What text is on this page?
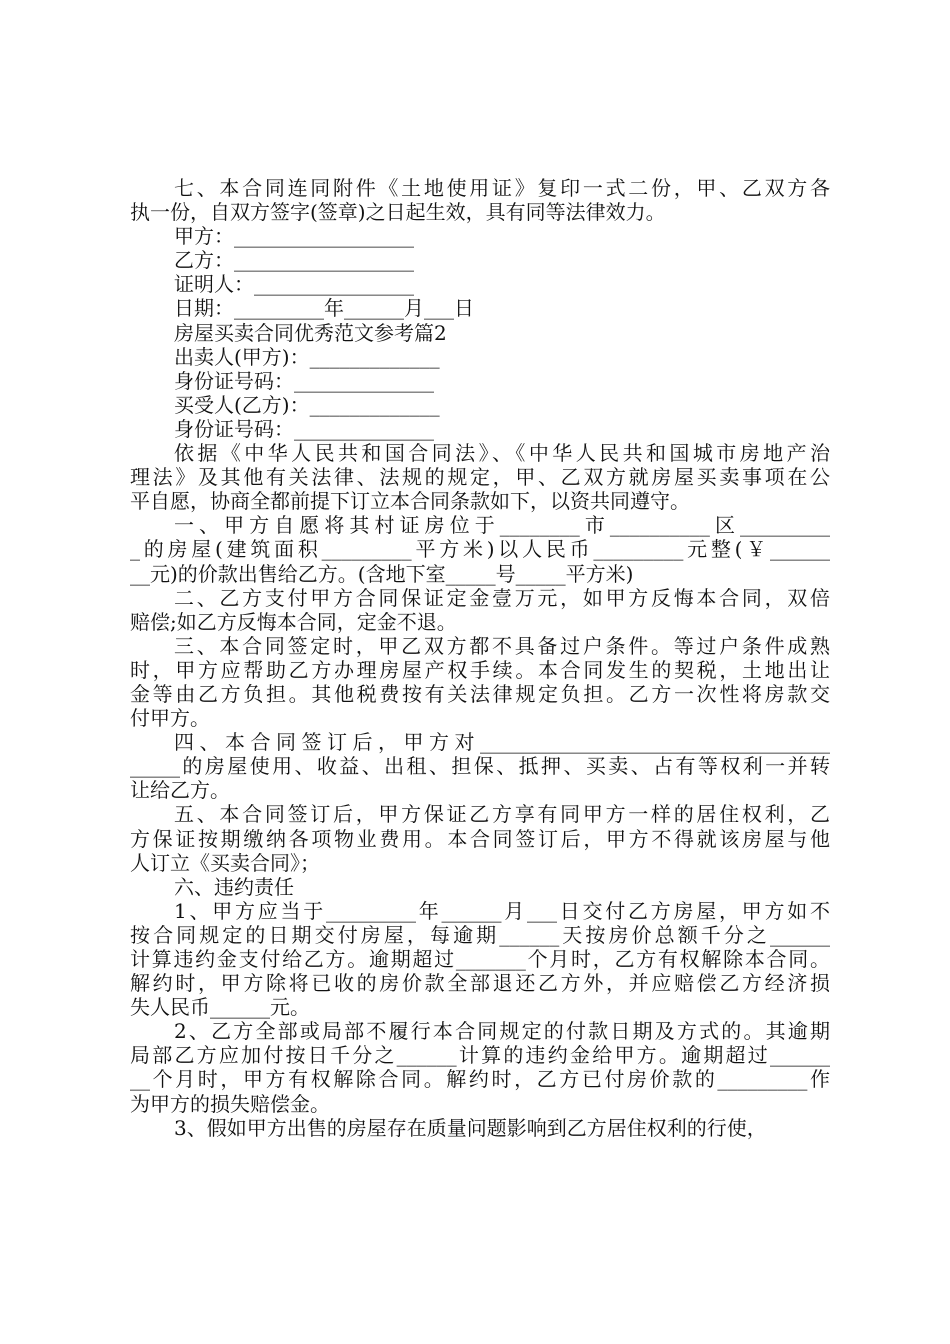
七、本合同连同附件《土地使用证》复印一式二份，甲、乙双方各
执一份，自双方签字(签章)之日起生效，具有同等法律效力。
甲方：__________________
乙方：__________________
证明人：________________
日期：_________年______月___日
房屋买卖合同优秀范文参考篇2
出卖人(甲方)：_____________
身份证号码：______________
买受人(乙方)：_____________
身份证号码：______________
依据《中华人民共和国合同法》、《中华人民共和国城市房地产治
理法》及其他有关法律、法规的规定，甲、乙双方就房屋买卖事项在公
平自愿，协商全都前提下订立本合同条款如下，以资共同遵守。
一、甲方自愿将其村证房位于________市__________区_________
_的房屋(建筑面积_________平方米)以人民币_________元整(￥______
__元)的价款出售给乙方。(含地下室_____号_____平方米)
二、乙方支付甲方合同保证定金壹万元，如甲方反悔本合同，双倍
赔偿;如乙方反悔本合同，定金不退。
三、本合同签定时，甲乙双方都不具备过户条件。等过户条件成熟
时，甲方应帮助乙方办理房屋产权手续。本合同发生的契税，土地出让
金等由乙方负担。其他税费按有关法律规定负担。乙方一次性将房款交
付甲方。
四、本合同签订后，甲方对___________________________________
_____的房屋使用、收益、出租、担保、抵押、买卖、占有等权利一并转
让给乙方。
五、本合同签订后，甲方保证乙方享有同甲方一样的居住权利，乙
方保证按期缴纳各项物业费用。本合同签订后，甲方不得就该房屋与他
人订立《买卖合同》；
六、违约责任
1、甲方应当于_________年______月___日交付乙方房屋，甲方如不
按合同规定的日期交付房屋，每逾期______天按房价总额千分之______
计算违约金支付给乙方。逾期超过_______个月时，乙方有权解除本合同。
解约时，甲方除将已收的房价款全部退还乙方外，并应赔偿乙方经济损
失人民币______元。
2、乙方全部或局部不履行本合同规定的付款日期及方式的。其逾期
局部乙方应加付按日千分之______计算的违约金给甲方。逾期超过______
__个月时，甲方有权解除合同。解约时，乙方已付房价款的_________作
为甲方的损失赔偿金。
3、假如甲方出售的房屋存在质量问题影响到乙方居住权利的行使，
